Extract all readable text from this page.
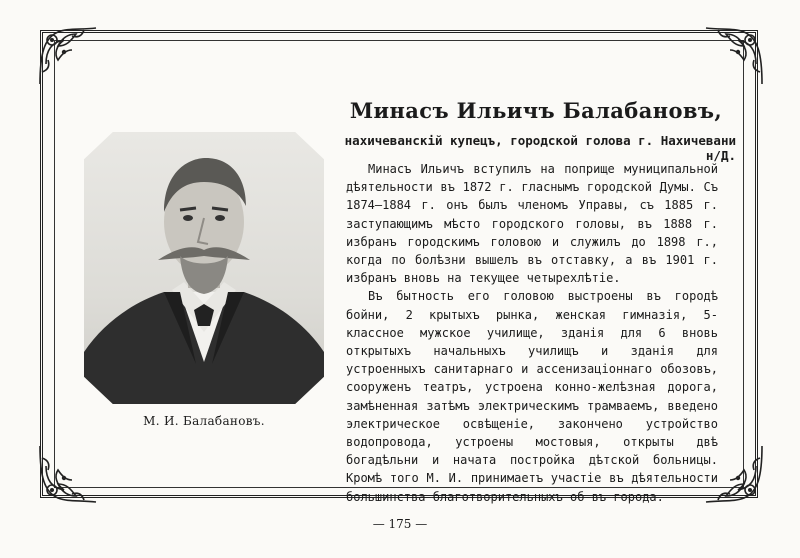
М. И. Балабановъ.
Минасъ Ильичъ Балабановъ,
нахичеванскій купецъ, городской голова г. Нахичевани н/Д.

Минасъ Ильичъ вступилъ на поприще муниципальной дѣятельности въ 1872 г. гласнымъ городской Думы. Съ 1874—1884 г. онъ былъ членомъ Управы, съ 1885 г. заступающимъ мѣсто городского головы, въ 1888 г. избранъ городскимъ головою и служилъ до 1898 г., когда по болѣзни вышелъ въ отставку, а въ 1901 г. избранъ вновь на текущее четырехлѣтіе.

Въ бытность его головою выстроены въ городѣ бойни, 2 крытыхъ рынка, женская гимназія, 5-классное мужское училище, зданія для 6 вновь открытыхъ начальныхъ училищъ и зданія для устроенныхъ санитарнаго и ассенизаціоннаго обозовъ, сооруженъ театръ, устроена конно-желѣзная дорога, замѣненная затѣмъ электрическимъ трамваемъ, введено электрическое освѣщеніе, закончено устройство водопровода, устроены мостовыя, открыты двѣ богадѣльни и начата постройка дѣтской больницы. Кромѣ того М. И. принимаетъ участіе въ дѣятельности большинства благотворительныхъ об-въ города.

— 175 —
